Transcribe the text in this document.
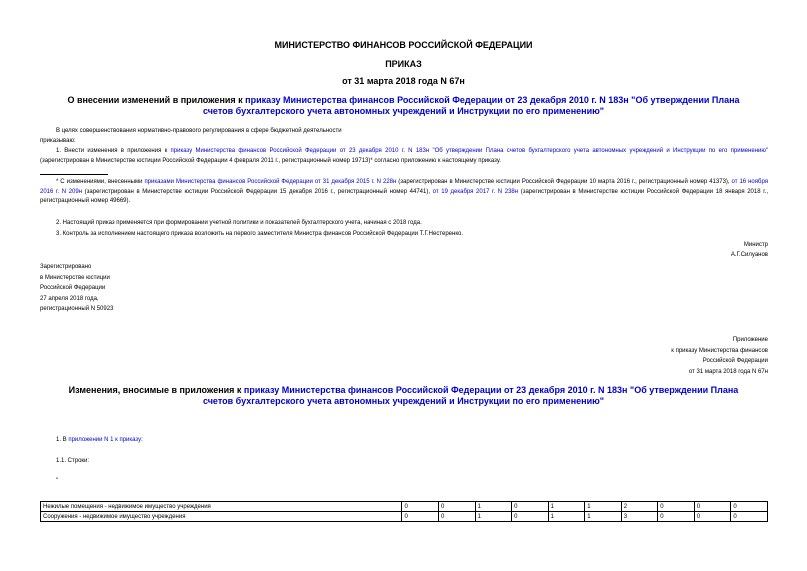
МИНИСТЕРСТВО ФИНАНСОВ РОССИЙСКОЙ ФЕДЕРАЦИИ
ПРИКАЗ
от 31 марта 2018 года N 67н
О внесении изменений в приложения к приказу Министерства финансов Российской Федерации от 23 декабря 2010 г. N 183н "Об утверждении Плана счетов бухгалтерского учета автономных учреждений и Инструкции по его применению"
В целях совершенствования нормативно-правового регулирования в сфере бюджетной деятельности
приказываю:
1. Внести изменения в приложения к приказу Министерства финансов Российской Федерации от 23 декабря 2010 г. N 183н "Об утверждении Плана счетов бухгалтерского учета автономных учреждений и Инструкции по его применению" (зарегистрирован в Министерстве юстиции Российской Федерации 4 февраля 2011 г., регистрационный номер 19713)* согласно приложению к настоящему приказу.
* С изменениями, внесенными приказами Министерства финансов Российской Федерации от 31 декабря 2015 г. N 228н (зарегистрирован в Министерстве юстиции Российской Федерации 10 марта 2016 г., регистрационный номер 41373), от 16 ноября 2016 г. N 209н (зарегистрирован в Министерстве юстиции Российской Федерации 15 декабря 2016 г., регистрационный номер 44741), от 19 декабря 2017 г. N 238н (зарегистрирован в Министерстве юстиции Российской Федерации 18 января 2018 г., регистрационный номер 49669).
2. Настоящий приказ применяется при формировании учетной политики и показателей бухгалтерского учета, начиная с 2018 года.
3. Контроль за исполнением настоящего приказа возложить на первого заместителя Министра финансов Российской Федерации Т.Г.Нестеренко.
Министр
А.Г.Силуанов
Зарегистрировано
в Министерстве юстиции
Российской Федерации
27 апреля 2018 года,
регистрационный N 50923
Приложение
к приказу Министерства финансов
Российской Федерации
от 31 марта 2018 года N 67н
Изменения, вносимые в приложения к приказу Министерства финансов Российской Федерации от 23 декабря 2010 г. N 183н "Об утверждении Плана счетов бухгалтерского учета автономных учреждений и Инструкции по его применению"
1. В приложении N 1 к приказу:
1.1. Строки:
"
Нежилые помещения - недвижимое имущество учреждения	0	0	1	0	1	1	2	0	0	0
Сооружения - недвижимое имущество учреждения	0	0	1	0	1	1	3	0	0	0
